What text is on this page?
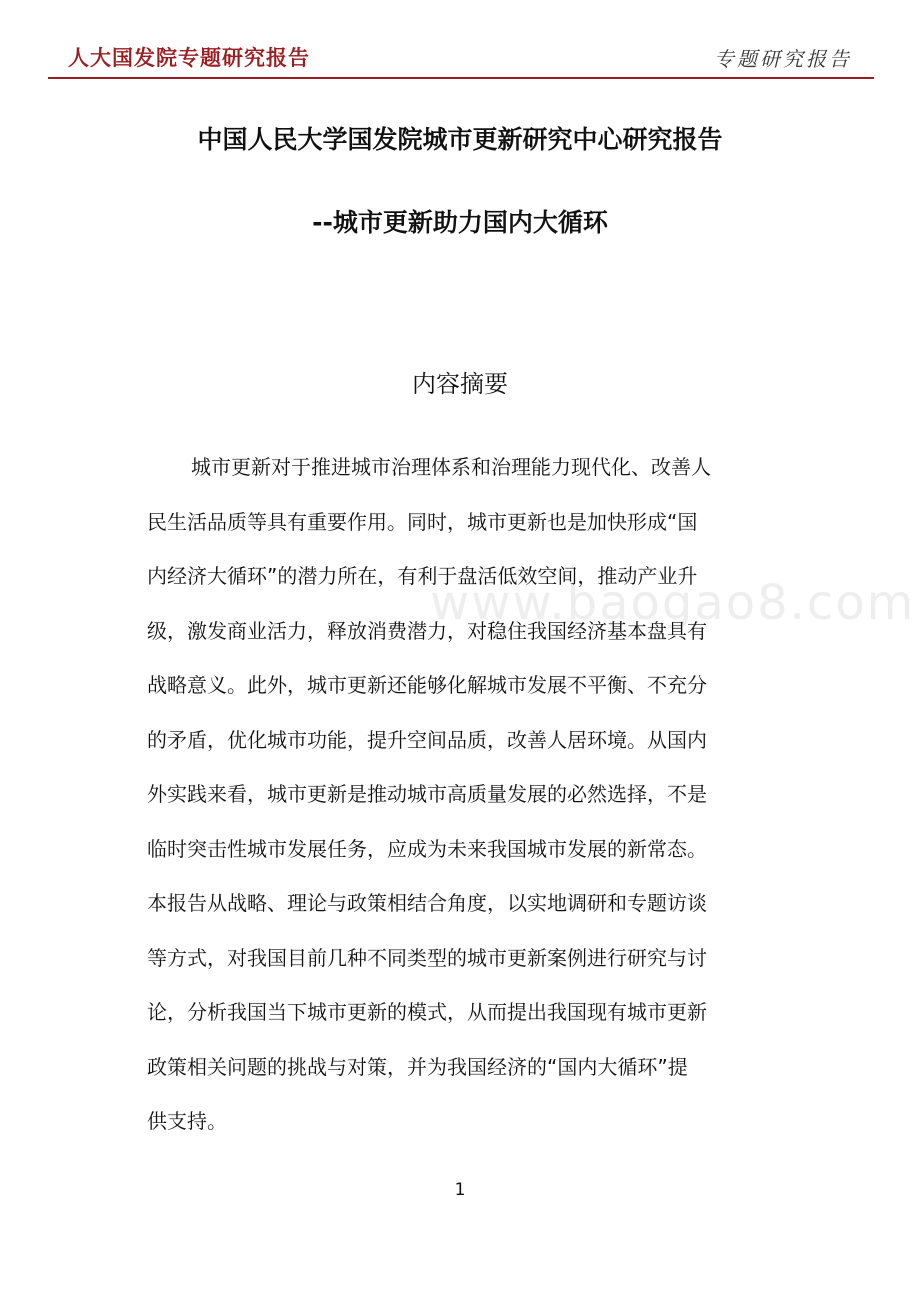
人大国发院专题研究报告	专题研究报告
中国人民大学国发院城市更新研究中心研究报告
--城市更新助力国内大循环
内容摘要
www.baogao8.com
城市更新对于推进城市治理体系和治理能力现代化、改善人
民生活品质等具有重要作用。同时，城市更新也是加快形成“国
内经济大循环”的潜力所在，有利于盘活低效空间，推动产业升
级，激发商业活力，释放消费潜力，对稳住我国经济基本盘具有
战略意义。此外，城市更新还能够化解城市发展不平衡、不充分
的矛盾，优化城市功能，提升空间品质，改善人居环境。从国内
外实践来看，城市更新是推动城市高质量发展的必然选择，不是
临时突击性城市发展任务，应成为未来我国城市发展的新常态。
本报告从战略、理论与政策相结合角度，以实地调研和专题访谈
等方式，对我国目前几种不同类型的城市更新案例进行研究与讨
论，分析我国当下城市更新的模式，从而提出我国现有城市更新
政策相关问题的挑战与对策，并为我国经济的“国内大循环”提
供支持。
1
